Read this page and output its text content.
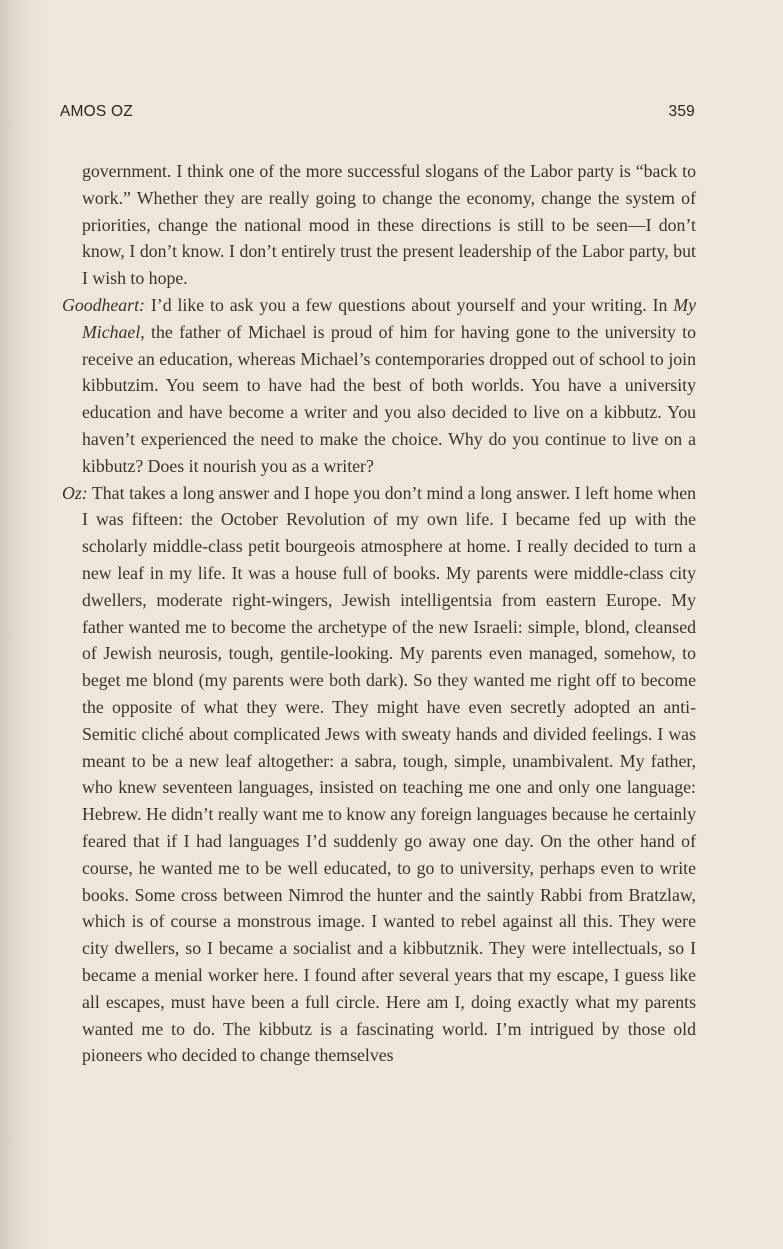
AMOS OZ	359

government. I think one of the more successful slogans of the Labor party is “back to work.” Whether they are really going to change the economy, change the system of priorities, change the national mood in these directions is still to be seen—I don’t know, I don’t know. I don’t entirely trust the present leadership of the Labor party, but I wish to hope.

Goodheart: I’d like to ask you a few questions about yourself and your writing. In My Michael, the father of Michael is proud of him for having gone to the university to receive an education, whereas Michael’s contemporaries dropped out of school to join kibbutzim. You seem to have had the best of both worlds. You have a university education and have become a writer and you also decided to live on a kibbutz. You haven’t experienced the need to make the choice. Why do you continue to live on a kibbutz? Does it nourish you as a writer?

Oz: That takes a long answer and I hope you don’t mind a long answer. I left home when I was fifteen: the October Revolution of my own life. I became fed up with the scholarly middle-class petit bourgeois atmosphere at home. I really decided to turn a new leaf in my life. It was a house full of books. My parents were middle-class city dwellers, moderate right-wingers, Jewish intelligentsia from eastern Europe. My father wanted me to become the archetype of the new Israeli: simple, blond, cleansed of Jewish neurosis, tough, gentile-looking. My parents even managed, somehow, to beget me blond (my parents were both dark). So they wanted me right off to become the opposite of what they were. They might have even secretly adopted an anti-Semitic cliché about complicated Jews with sweaty hands and divided feelings. I was meant to be a new leaf altogether: a sabra, tough, simple, unambivalent. My father, who knew seventeen languages, insisted on teaching me one and only one language: Hebrew. He didn’t really want me to know any foreign languages because he certainly feared that if I had languages I’d suddenly go away one day. On the other hand of course, he wanted me to be well educated, to go to university, perhaps even to write books. Some cross between Nimrod the hunter and the saintly Rabbi from Bratzlaw, which is of course a monstrous image. I wanted to rebel against all this. They were city dwellers, so I became a socialist and a kibbutznik. They were intellectuals, so I became a menial worker here. I found after several years that my escape, I guess like all escapes, must have been a full circle. Here am I, doing exactly what my parents wanted me to do. The kibbutz is a fascinating world. I’m intrigued by those old pioneers who decided to change themselves
